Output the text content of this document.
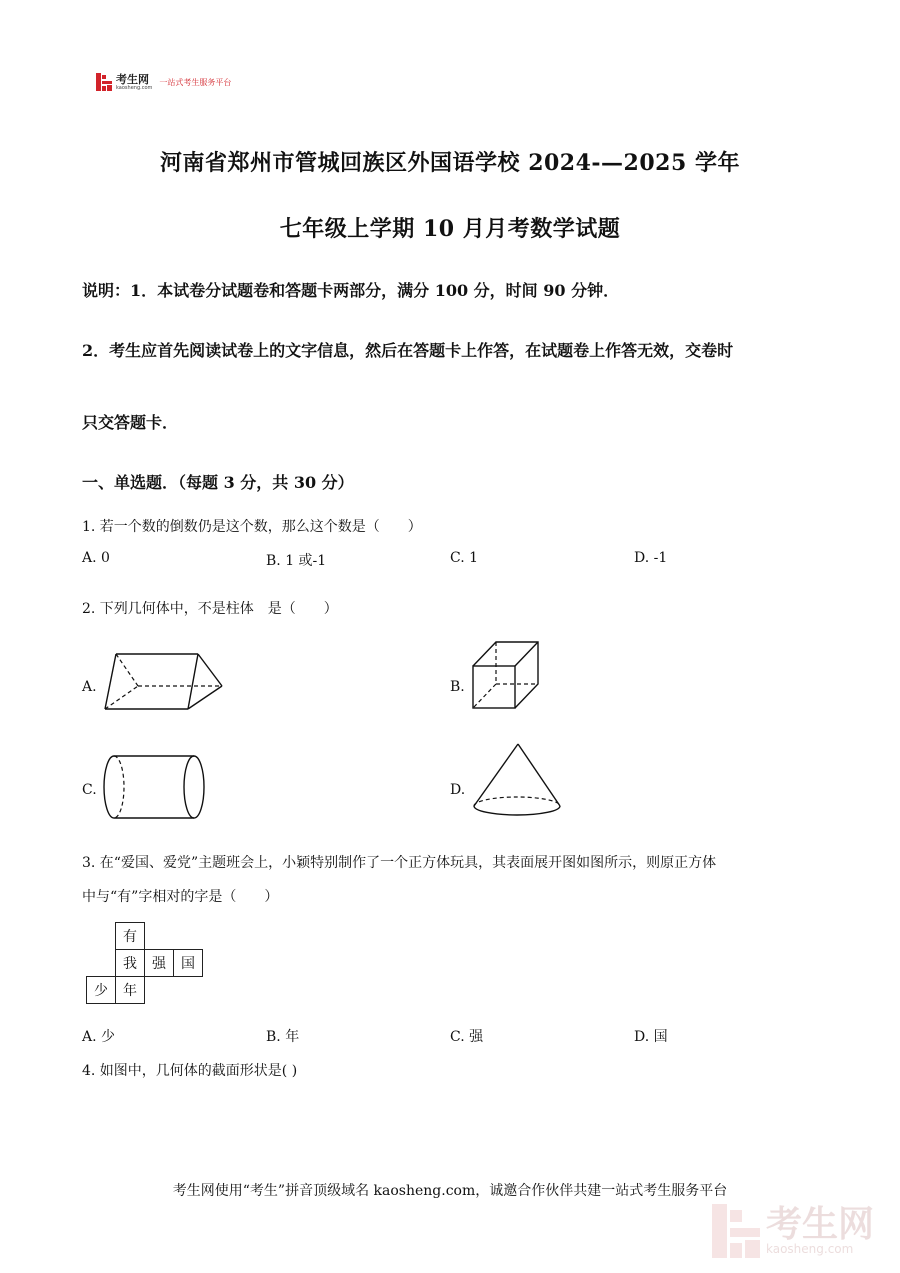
考生网
kaosheng.com
一站式考生服务平台
河南省郑州市管城回族区外国语学校 2024-—2025 学年
七年级上学期 10 月月考数学试题
说明：1．本试卷分试题卷和答题卡两部分，满分 100 分，时间 90 分钟．
2．考生应首先阅读试卷上的文字信息，然后在答题卡上作答，在试题卷上作答无效，交卷时
只交答题卡．
一、单选题．（每题 3 分，共 30 分）
1. 若一个数的倒数仍是这个数，那么这个数是（　　）
A. 0	B. 1 或-1	C. 1	D. -1
2. 下列几何体中，不是柱体　是（　　）
A.	B.
C.	D.
3. 在“爱国、爱党”主题班会上，小颖特别制作了一个正方体玩具，其表面展开图如图所示，则原正方体
中与“有”字相对的字是（　　）
	有		
	我	强	国
少	年		
A. 少	B. 年	C. 强	D. 国
4. 如图中，几何体的截面形状是( )
考生网使用“考生”拼音顶级域名 kaosheng.com，诚邀合作伙伴共建一站式考生服务平台
考生网
kaosheng.com
